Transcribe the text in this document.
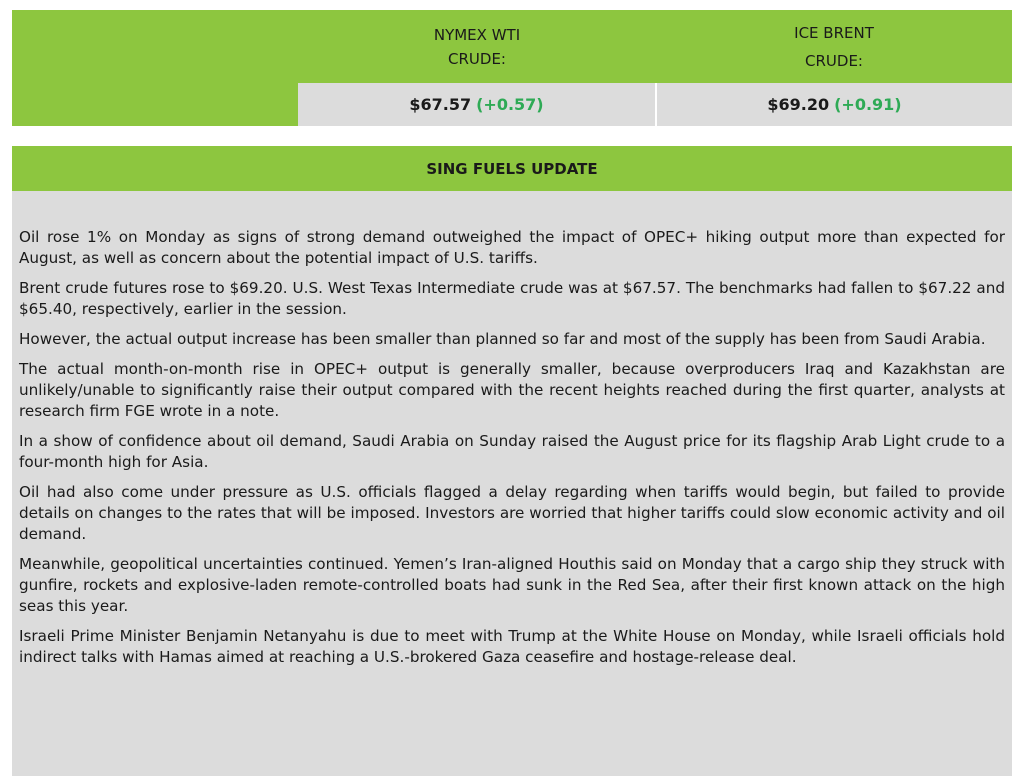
NYMEX WTI
CRUDE:
ICE BRENT
CRUDE:
$67.57 (+0.57)	$69.20 (+0.91)
SING FUELS UPDATE

Oil rose 1% on Monday as signs of strong demand outweighed the impact of OPEC+ hiking output more than expected for August, as well as concern about the potential impact of U.S. tariffs.

Brent crude futures rose to $69.20. U.S. West Texas Intermediate crude was at $67.57. The benchmarks had fallen to $67.22 and $65.40, respectively, earlier in the session.

However, the actual output increase has been smaller than planned so far and most of the supply has been from Saudi Arabia.

The actual month-on-month rise in OPEC+ output is generally smaller, because overproducers Iraq and Kazakhstan are unlikely/unable to significantly raise their output compared with the recent heights reached during the first quarter, analysts at research firm FGE wrote in a note.

In a show of confidence about oil demand, Saudi Arabia on Sunday raised the August price for its flagship Arab Light crude to a four-month high for Asia.

Oil had also come under pressure as U.S. officials flagged a delay regarding when tariffs would begin, but failed to provide details on changes to the rates that will be imposed. Investors are worried that higher tariffs could slow economic activity and oil demand.

Meanwhile, geopolitical uncertainties continued. Yemen’s Iran-aligned Houthis said on Monday that a cargo ship they struck with gunfire, rockets and explosive-laden remote-controlled boats had sunk in the Red Sea, after their first known attack on the high seas this year.

Israeli Prime Minister Benjamin Netanyahu is due to meet with Trump at the White House on Monday, while Israeli officials hold indirect talks with Hamas aimed at reaching a U.S.-brokered Gaza ceasefire and hostage-release deal.
